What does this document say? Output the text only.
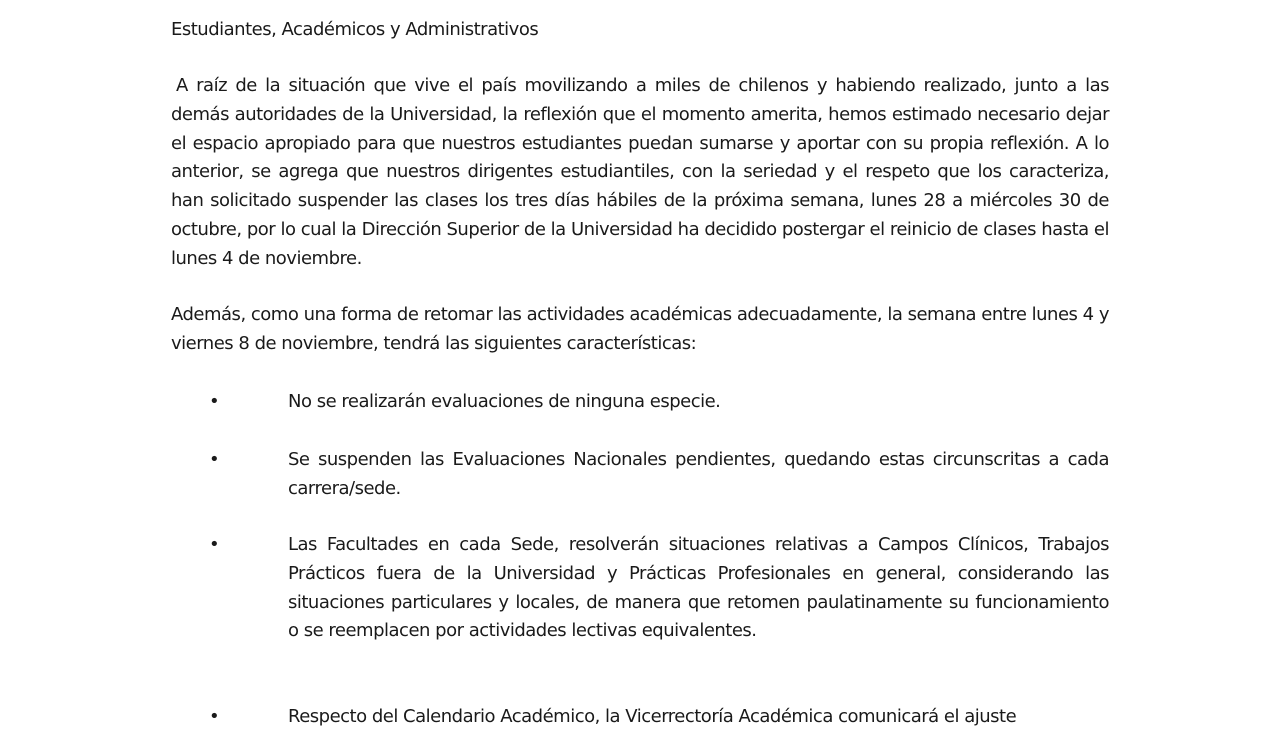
Estudiantes, Académicos y Administrativos

A raíz de la situación que vive el país movilizando a miles de chilenos y habiendo realizado, junto a las demás autoridades de la Universidad, la reflexión que el momento amerita, hemos estimado necesario dejar el espacio apropiado para que nuestros estudiantes puedan sumarse y aportar con su propia reflexión. A lo anterior, se agrega que nuestros dirigentes estudiantiles, con la seriedad y el respeto que los caracteriza, han solicitado suspender las clases los tres días hábiles de la próxima semana, lunes 28 a miércoles 30 de octubre, por lo cual la Dirección Superior de la Universidad ha decidido postergar el reinicio de clases hasta el lunes 4 de noviembre.

Además, como una forma de retomar las actividades académicas adecuadamente, la semana entre lunes 4 y viernes 8 de noviembre, tendrá las siguientes características:

•	No se realizarán evaluaciones de ninguna especie.

•	Se suspenden las Evaluaciones Nacionales pendientes, quedando estas circunscritas a cada carrera/sede.

•	Las Facultades en cada Sede, resolverán situaciones relativas a Campos Clínicos, Trabajos Prácticos fuera de la Universidad y Prácticas Profesionales en general, considerando las situaciones particulares y locales, de manera que retomen paulatinamente su funcionamiento o se reemplacen por actividades lectivas equivalentes.

•	Respecto del Calendario Académico, la Vicerrectoría Académica comunicará el ajuste
